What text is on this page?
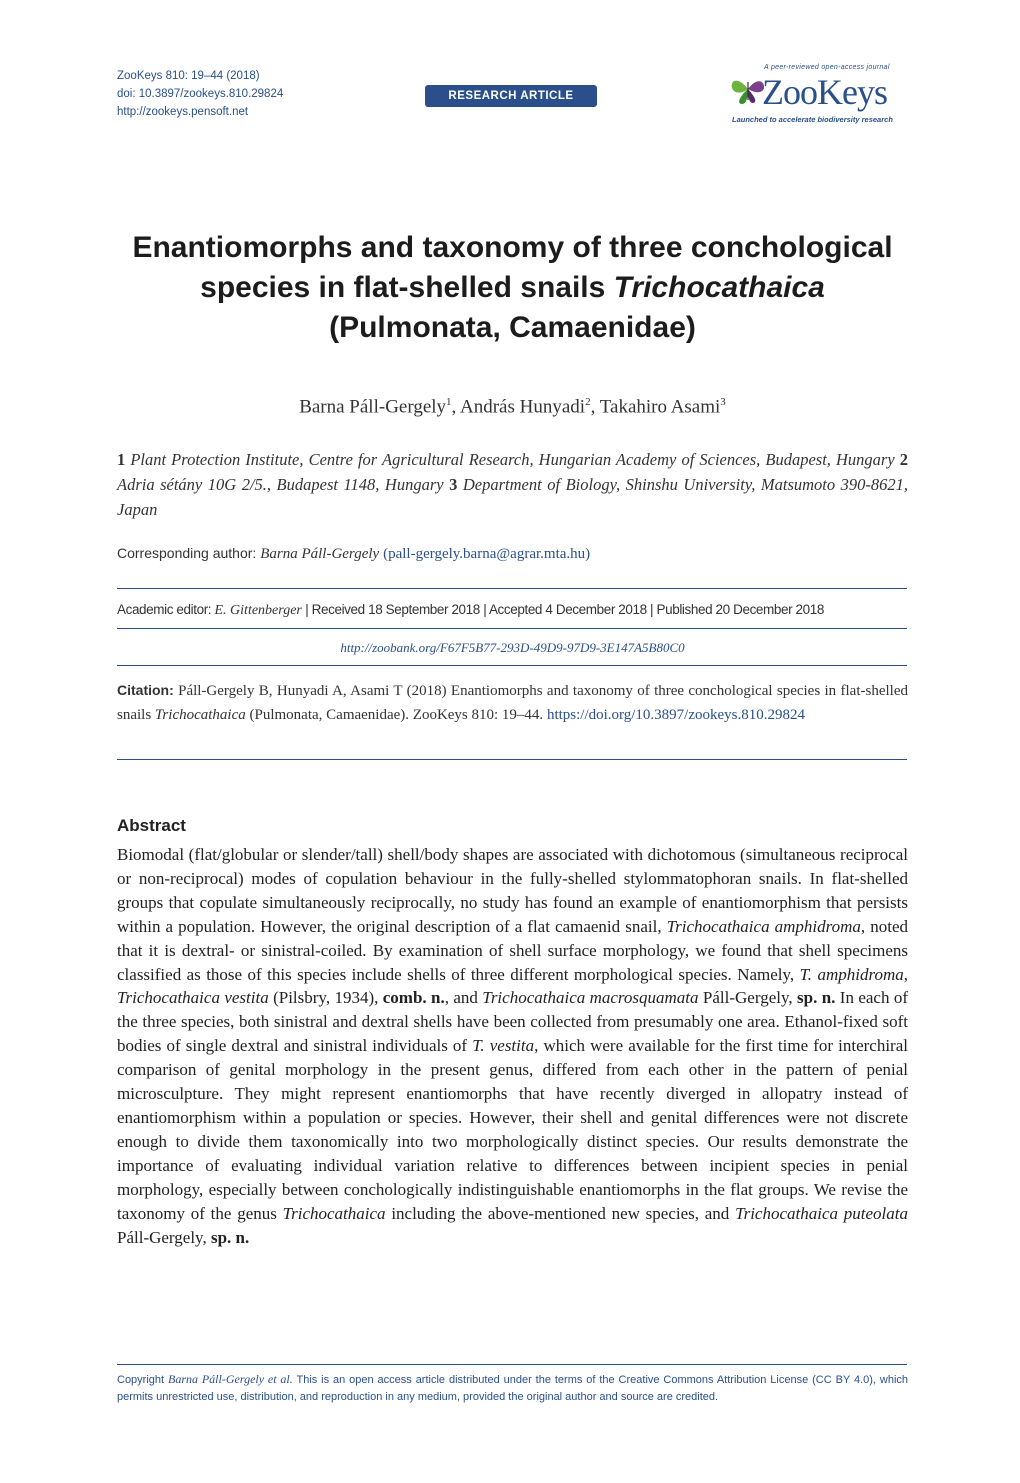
ZooKeys 810: 19–44 (2018)
doi: 10.3897/zookeys.810.29824
http://zookeys.pensoft.net
RESEARCH ARTICLE
A peer-reviewed open-access journal
ZooKeys
Launched to accelerate biodiversity research
Enantiomorphs and taxonomy of three conchological
species in flat-shelled snails Trichocathaica
(Pulmonata, Camaenidae)
Barna Páll-Gergely$^1$, András Hunyadi$^2$, Takahiro Asami$^3$
1 Plant Protection Institute, Centre for Agricultural Research, Hungarian Academy of Sciences, Budapest, Hungary 2 Adria sétány 10G 2/5., Budapest 1148, Hungary 3 Department of Biology, Shinshu University, Matsumoto 390-8621, Japan
Corresponding author: Barna Páll-Gergely (pall-gergely.barna@agrar.mta.hu)
Academic editor: E. Gittenberger | Received 18 September 2018 | Accepted 4 December 2018 | Published 20 December 2018
http://zoobank.org/F67F5B77-293D-49D9-97D9-3E147A5B80C0
Citation: Páll-Gergely B, Hunyadi A, Asami T (2018) Enantiomorphs and taxonomy of three conchological species in flat-shelled snails Trichocathaica (Pulmonata, Camaenidae). ZooKeys 810: 19–44. https://doi.org/10.3897/zookeys.810.29824
Abstract
Biomodal (flat/globular or slender/tall) shell/body shapes are associated with dichotomous (simultaneous reciprocal or non-reciprocal) modes of copulation behaviour in the fully-shelled stylommatophoran snails. In flat-shelled groups that copulate simultaneously reciprocally, no study has found an example of enantiomorphism that persists within a population. However, the original description of a flat camaenid snail, Trichocathaica amphidroma, noted that it is dextral- or sinistral-coiled. By examination of shell surface morphology, we found that shell specimens classified as those of this species include shells of three different morphological species. Namely, T. amphidroma, Trichocathaica vestita (Pilsbry, 1934), comb. n., and Trichocathaica macrosquamata Páll-Gergely, sp. n. In each of the three species, both sinistral and dextral shells have been collected from presumably one area. Ethanol-fixed soft bodies of single dextral and sinistral individuals of T. vestita, which were available for the first time for interchiral comparison of genital morphology in the present genus, differed from each other in the pattern of penial microsculpture. They might represent enantiomorphs that have recently diverged in allopatry instead of enantiomorphism within a population or species. However, their shell and genital differences were not discrete enough to divide them taxonomically into two morphologically distinct species. Our results demonstrate the importance of evaluating individual variation relative to differences between incipient species in penial morphology, especially between conchologically indistinguishable enantiomorphs in the flat groups. We revise the taxonomy of the genus Trichocathaica including the above-mentioned new species, and Trichocathaica puteolata Páll-Gergely, sp. n.
Copyright Barna Páll-Gergely et al. This is an open access article distributed under the terms of the Creative Commons Attribution License (CC BY 4.0), which permits unrestricted use, distribution, and reproduction in any medium, provided the original author and source are credited.
